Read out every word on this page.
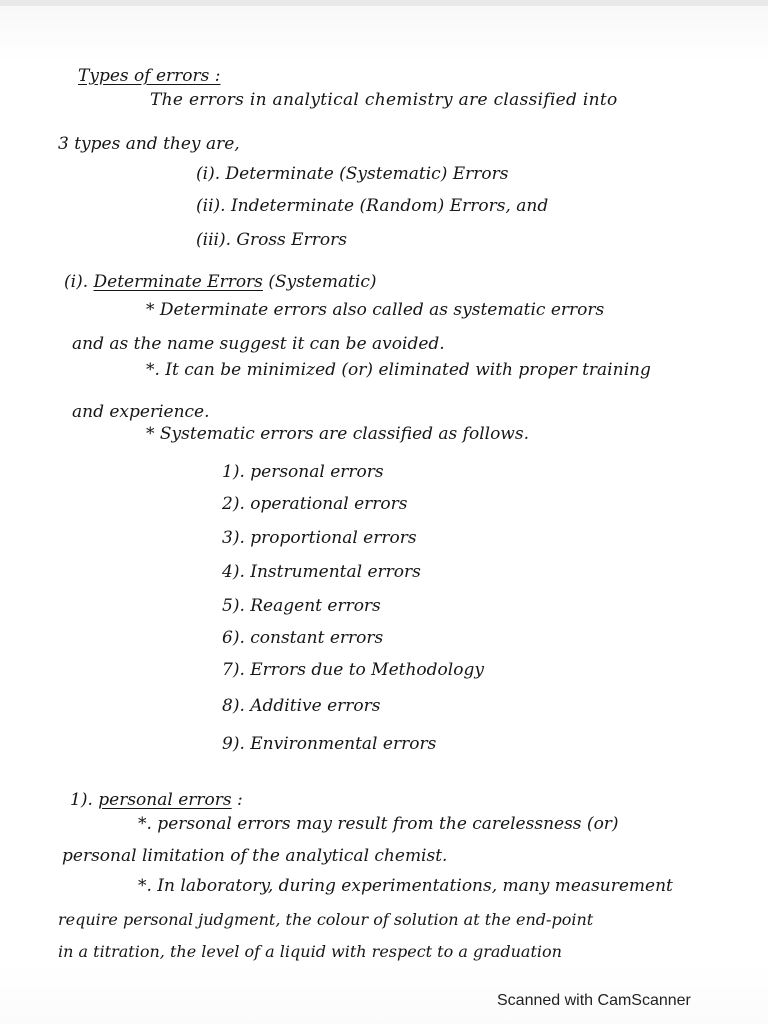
Types of errors :
The errors in analytical chemistry are classified into
3 types and they are,
(i). Determinate (Systematic) Errors
(ii). Indeterminate (Random) Errors, and
(iii). Gross Errors
(i). Determinate Errors (Systematic)
* Determinate errors also called as systematic errors
and as the name suggest it can be avoided.
*. It can be minimized (or) eliminated with proper training
and experience.
* Systematic errors are classified as follows.
1). personal errors
2). operational errors
3). proportional errors
4). Instrumental errors
5). Reagent errors
6). constant errors
7). Errors due to Methodology
8). Additive errors
9). Environmental errors
1). personal errors :
*. personal errors may result from the carelessness (or)
personal limitation of the analytical chemist.
*. In laboratory, during experimentations, many measurement
require personal judgment, the colour of solution at the end-point
in a titration, the level of a liquid with respect to a graduation
Scanned with CamScanner
